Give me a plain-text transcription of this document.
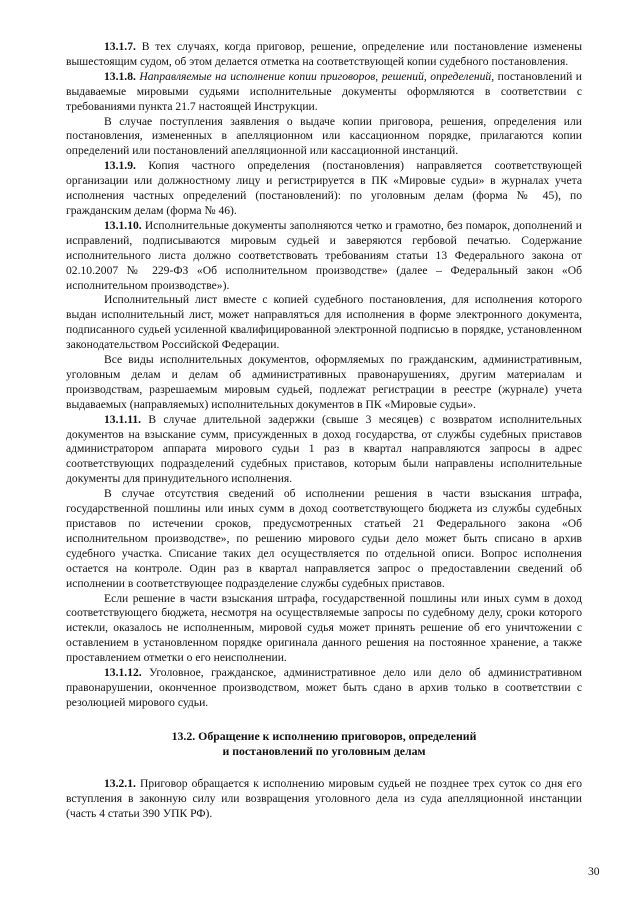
13.1.7. В тех случаях, когда приговор, решение, определение или постановление изменены вышестоящим судом, об этом делается отметка на соответствующей копии судебного постановления.

13.1.8. Направляемые на исполнение копии приговоров, решений, определений, постановлений и выдаваемые мировыми судьями исполнительные документы оформляются в соответствии с требованиями пункта 21.7 настоящей Инструкции.

В случае поступления заявления о выдаче копии приговора, решения, определения или постановления, измененных в апелляционном или кассационном порядке, прилагаются копии определений или постановлений апелляционной или кассационной инстанций.

13.1.9. Копия частного определения (постановления) направляется соответствующей организации или должностному лицу и регистрируется в ПК «Мировые судьи» в журналах учета исполнения частных определений (постановлений): по уголовным делам (форма № 45), по гражданским делам (форма № 46).

13.1.10. Исполнительные документы заполняются четко и грамотно, без помарок, дополнений и исправлений, подписываются мировым судьей и заверяются гербовой печатью. Содержание исполнительного листа должно соответствовать требованиям статьи 13 Федерального закона от 02.10.2007 № 229-ФЗ «Об исполнительном производстве» (далее – Федеральный закон «Об исполнительном производстве»).

Исполнительный лист вместе с копией судебного постановления, для исполнения которого выдан исполнительный лист, может направляться для исполнения в форме электронного документа, подписанного судьей усиленной квалифицированной электронной подписью в порядке, установленном законодательством Российской Федерации.

Все виды исполнительных документов, оформляемых по гражданским, административным, уголовным делам и делам об административных правонарушениях, другим материалам и производствам, разрешаемым мировым судьей, подлежат регистрации в реестре (журнале) учета выдаваемых (направляемых) исполнительных документов в ПК «Мировые судьи».

13.1.11. В случае длительной задержки (свыше 3 месяцев) с возвратом исполнительных документов на взыскание сумм, присужденных в доход государства, от службы судебных приставов администратором аппарата мирового судьи 1 раз в квартал направляются запросы в адрес соответствующих подразделений судебных приставов, которым были направлены исполнительные документы для принудительного исполнения.

В случае отсутствия сведений об исполнении решения в части взыскания штрафа, государственной пошлины или иных сумм в доход соответствующего бюджета из службы судебных приставов по истечении сроков, предусмотренных статьей 21 Федерального закона «Об исполнительном производстве», по решению мирового судьи дело может быть списано в архив судебного участка. Списание таких дел осуществляется по отдельной описи. Вопрос исполнения остается на контроле. Один раз в квартал направляется запрос о предоставлении сведений об исполнении в соответствующее подразделение службы судебных приставов.

Если решение в части взыскания штрафа, государственной пошлины или иных сумм в доход соответствующего бюджета, несмотря на осуществляемые запросы по судебному делу, сроки которого истекли, оказалось не исполненным, мировой судья может принять решение об его уничтожении с оставлением в установленном порядке оригинала данного решения на постоянное хранение, а также проставлением отметки о его неисполнении.

13.1.12. Уголовное, гражданское, административное дело или дело об административном правонарушении, оконченное производством, может быть сдано в архив только в соответствии с резолюцией мирового судьи.

13.2. Обращение к исполнению приговоров, определений
и постановлений по уголовным делам

13.2.1. Приговор обращается к исполнению мировым судьей не позднее трех суток со дня его вступления в законную силу или возвращения уголовного дела из суда апелляционной инстанции (часть 4 статьи 390 УПК РФ).

30
